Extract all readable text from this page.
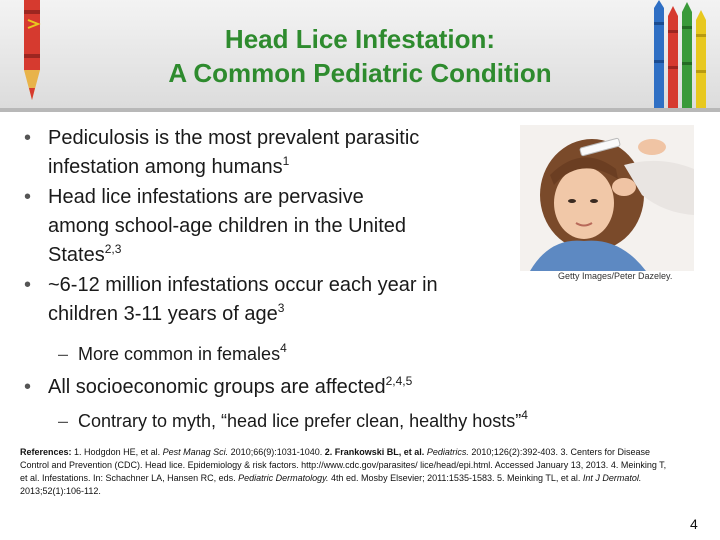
Head Lice Infestation:
A Common Pediatric Condition
• Pediculosis is the most prevalent parasitic infestation among humans$^1$
• Head lice infestations are pervasive among school-age children in the United States$^{2,3}$
• ~6-12 million infestations occur each year in children 3-11 years of age$^3$
– More common in females$^4$
• All socioeconomic groups are affected$^{2,4,5}$
– Contrary to myth, “head lice prefer clean, healthy hosts”$^4$
Getty Images/Peter Dazeley.
References: 1. Hodgdon HE, et al. Pest Manag Sci. 2010;66(9):1031-1040. 2. Frankowski BL, et al. Pediatrics. 2010;126(2):392-403. 3. Centers for Disease Control and Prevention (CDC). Head lice. Epidemiology & risk factors. http://www.cdc.gov/parasites/ lice/head/epi.html. Accessed January 13, 2013. 4. Meinking T, et al. Infestations. In: Schachner LA, Hansen RC, eds. Pediatric Dermatology. 4th ed. Mosby Elsevier; 2011:1535-1583. 5. Meinking TL, et al. Int J Dermatol. 2013;52(1):106-112.
4
